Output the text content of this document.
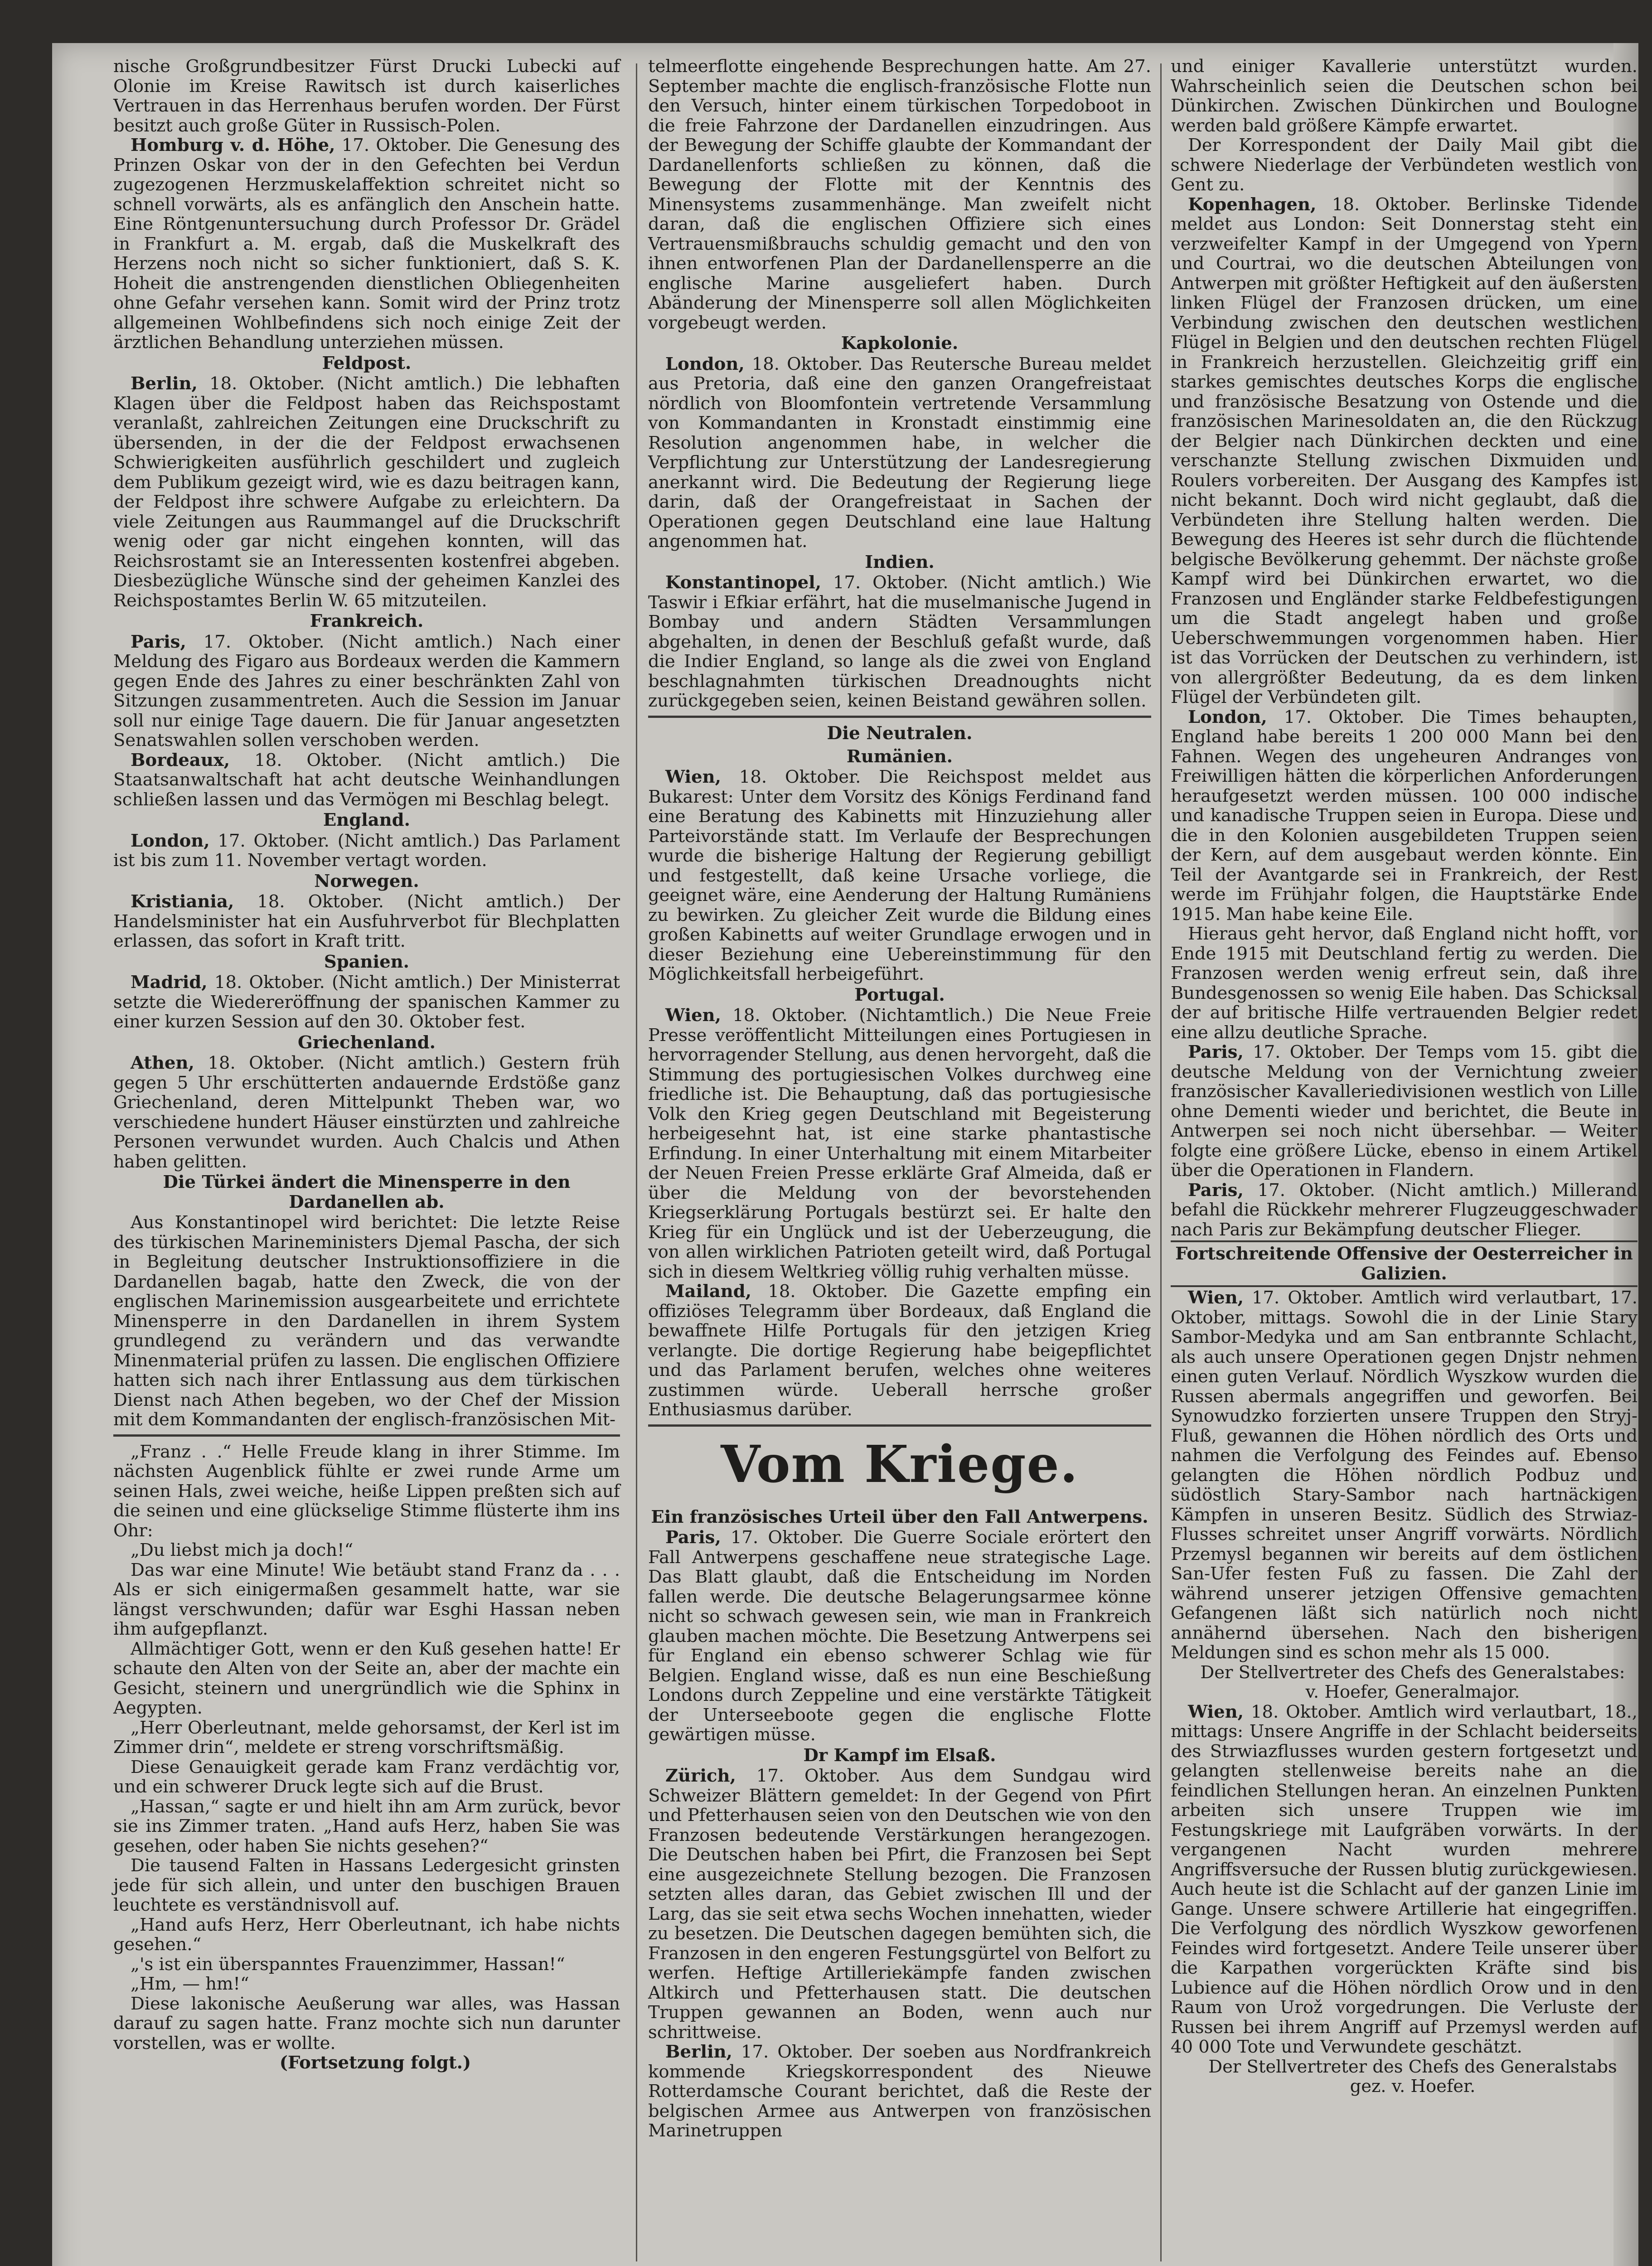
nische Großgrundbesitzer Fürst Drucki Lubecki auf Olonie im Kreise Rawitsch ist durch kaiserliches Vertrauen in das Herrenhaus berufen worden. Der Fürst besitzt auch große Güter in Russisch-Polen.

Homburg v. d. Höhe, 17. Oktober. Die Genesung des Prinzen Oskar von der in den Gefechten bei Verdun zugezogenen Herzmuskelaffektion schreitet nicht so schnell vorwärts, als es anfänglich den Anschein hatte. Eine Röntgenuntersuchung durch Professor Dr. Grädel in Frankfurt a. M. ergab, daß die Muskelkraft des Herzens noch nicht so sicher funktioniert, daß S. K. Hoheit die anstrengenden dienstlichen Obliegenheiten ohne Gefahr versehen kann. Somit wird der Prinz trotz allgemeinen Wohlbefindens sich noch einige Zeit der ärztlichen Behandlung unterziehen müssen.

Feldpost.

Berlin, 18. Oktober. (Nicht amtlich.) Die lebhaften Klagen über die Feldpost haben das Reichspostamt veranlaßt, zahlreichen Zeitungen eine Druckschrift zu übersenden, in der die der Feldpost erwachsenen Schwierigkeiten ausführlich geschildert und zugleich dem Publikum gezeigt wird, wie es dazu beitragen kann, der Feldpost ihre schwere Aufgabe zu erleichtern. Da viele Zeitungen aus Raummangel auf die Druckschrift wenig oder gar nicht eingehen konnten, will das Reichsrostamt sie an Interessenten kostenfrei abgeben. Diesbezügliche Wünsche sind der geheimen Kanzlei des Reichspostamtes Berlin W. 65 mitzuteilen.

Frankreich.

Paris, 17. Oktober. (Nicht amtlich.) Nach einer Meldung des Figaro aus Bordeaux werden die Kammern gegen Ende des Jahres zu einer beschränkten Zahl von Sitzungen zusammentreten. Auch die Session im Januar soll nur einige Tage dauern. Die für Januar angesetzten Senatswahlen sollen verschoben werden.

Bordeaux, 18. Oktober. (Nicht amtlich.) Die Staatsanwaltschaft hat acht deutsche Weinhandlungen schließen lassen und das Vermögen mi Beschlag belegt.

England.

London, 17. Oktober. (Nicht amtlich.) Das Parlament ist bis zum 11. November vertagt worden.

Norwegen.

Kristiania, 18. Oktober. (Nicht amtlich.) Der Handelsminister hat ein Ausfuhrverbot für Blechplatten erlassen, das sofort in Kraft tritt.

Spanien.

Madrid, 18. Oktober. (Nicht amtlich.) Der Ministerrat setzte die Wiedereröffnung der spanischen Kammer zu einer kurzen Session auf den 30. Oktober fest.

Griechenland.

Athen, 18. Oktober. (Nicht amtlich.) Gestern früh gegen 5 Uhr erschütterten andauernde Erdstöße ganz Griechenland, deren Mittelpunkt Theben war, wo verschiedene hundert Häuser einstürzten und zahlreiche Personen verwundet wurden. Auch Chalcis und Athen haben gelitten.

Die Türkei ändert die Minensperre in den Dardanellen ab.

Aus Konstantinopel wird berichtet: Die letzte Reise des türkischen Marineministers Djemal Pascha, der sich in Begleitung deutscher Instruktionsoffiziere in die Dardanellen bagab, hatte den Zweck, die von der englischen Marinemission ausgearbeitete und errichtete Minensperre in den Dardanellen in ihrem System grundlegend zu verändern und das verwandte Minenmaterial prüfen zu lassen. Die englischen Offiziere hatten sich nach ihrer Entlassung aus dem türkischen Dienst nach Athen begeben, wo der Chef der Mission mit dem Kommandanten der englisch-französischen Mit-

„Franz . .“ Helle Freude klang in ihrer Stimme. Im nächsten Augenblick fühlte er zwei runde Arme um seinen Hals, zwei weiche, heiße Lippen preßten sich auf die seinen und eine glückselige Stimme flüsterte ihm ins Ohr:

„Du liebst mich ja doch!“

Das war eine Minute! Wie betäubt stand Franz da . . . Als er sich einigermaßen gesammelt hatte, war sie längst verschwunden; dafür war Esghi Hassan neben ihm aufgepflanzt.

Allmächtiger Gott, wenn er den Kuß gesehen hatte! Er schaute den Alten von der Seite an, aber der machte ein Gesicht, steinern und unergründlich wie die Sphinx in Aegypten.

„Herr Oberleutnant, melde gehorsamst, der Kerl ist im Zimmer drin“, meldete er streng vorschriftsmäßig.

Diese Genauigkeit gerade kam Franz verdächtig vor, und ein schwerer Druck legte sich auf die Brust.

„Hassan,“ sagte er und hielt ihn am Arm zurück, bevor sie ins Zimmer traten. „Hand aufs Herz, haben Sie was gesehen, oder haben Sie nichts gesehen?“

Die tausend Falten in Hassans Ledergesicht grinsten jede für sich allein, und unter den buschigen Brauen leuchtete es verständnisvoll auf.

„Hand aufs Herz, Herr Oberleutnant, ich habe nichts gesehen.“

„'s ist ein überspanntes Frauenzimmer, Hassan!“

„Hm, — hm!“

Diese lakonische Aeußerung war alles, was Hassan darauf zu sagen hatte. Franz mochte sich nun darunter vorstellen, was er wollte.

(Fortsetzung folgt.)

telmeerflotte eingehende Besprechungen hatte. Am 27. September machte die englisch-französische Flotte nun den Versuch, hinter einem türkischen Torpedoboot in die freie Fahrzone der Dardanellen einzudringen. Aus der Bewegung der Schiffe glaubte der Kommandant der Dardanellenforts schließen zu können, daß die Bewegung der Flotte mit der Kenntnis des Minensystems zusammenhänge. Man zweifelt nicht daran, daß die englischen Offiziere sich eines Vertrauensmißbrauchs schuldig gemacht und den von ihnen entworfenen Plan der Dardanellensperre an die englische Marine ausgeliefert haben. Durch Abänderung der Minensperre soll allen Möglichkeiten vorgebeugt werden.

Kapkolonie.

London, 18. Oktober. Das Reutersche Bureau meldet aus Pretoria, daß eine den ganzen Orangefreistaat nördlich von Bloomfontein vertretende Versammlung von Kommandanten in Kronstadt einstimmig eine Resolution angenommen habe, in welcher die Verpflichtung zur Unterstützung der Landesregierung anerkannt wird. Die Bedeutung der Regierung liege darin, daß der Orangefreistaat in Sachen der Operationen gegen Deutschland eine laue Haltung angenommen hat.

Indien.

Konstantinopel, 17. Oktober. (Nicht amtlich.) Wie Taswir i Efkiar erfährt, hat die muselmanische Jugend in Bombay und andern Städten Versammlungen abgehalten, in denen der Beschluß gefaßt wurde, daß die Indier England, so lange als die zwei von England beschlagnahmten türkischen Dreadnoughts nicht zurückgegeben seien, keinen Beistand gewähren sollen.

Die Neutralen.
Rumänien.

Wien, 18. Oktober. Die Reichspost meldet aus Bukarest: Unter dem Vorsitz des Königs Ferdinand fand eine Beratung des Kabinetts mit Hinzuziehung aller Parteivorstände statt. Im Verlaufe der Besprechungen wurde die bisherige Haltung der Regierung gebilligt und festgestellt, daß keine Ursache vorliege, die geeignet wäre, eine Aenderung der Haltung Rumäniens zu bewirken. Zu gleicher Zeit wurde die Bildung eines großen Kabinetts auf weiter Grundlage erwogen und in dieser Beziehung eine Uebereinstimmung für den Möglichkeitsfall herbeigeführt.

Portugal.

Wien, 18. Oktober. (Nichtamtlich.) Die Neue Freie Presse veröffentlicht Mitteilungen eines Portugiesen in hervorragender Stellung, aus denen hervorgeht, daß die Stimmung des portugiesischen Volkes durchweg eine friedliche ist. Die Behauptung, daß das portugiesische Volk den Krieg gegen Deutschland mit Begeisterung herbeigesehnt hat, ist eine starke phantastische Erfindung. In einer Unterhaltung mit einem Mitarbeiter der Neuen Freien Presse erklärte Graf Almeida, daß er über die Meldung von der bevorstehenden Kriegserklärung Portugals bestürzt sei. Er halte den Krieg für ein Unglück und ist der Ueberzeugung, die von allen wirklichen Patrioten geteilt wird, daß Portugal sich in diesem Weltkrieg völlig ruhig verhalten müsse.

Mailand, 18. Oktober. Die Gazette empfing ein offiziöses Telegramm über Bordeaux, daß England die bewaffnete Hilfe Portugals für den jetzigen Krieg verlangte. Die dortige Regierung habe beigepflichtet und das Parlament berufen, welches ohne weiteres zustimmen würde. Ueberall herrsche großer Enthusiasmus darüber.

Vom Kriege.
Ein französisches Urteil über den Fall Antwerpens.

Paris, 17. Oktober. Die Guerre Sociale erörtert den Fall Antwerpens geschaffene neue strategische Lage. Das Blatt glaubt, daß die Entscheidung im Norden fallen werde. Die deutsche Belagerungsarmee könne nicht so schwach gewesen sein, wie man in Frankreich glauben machen möchte. Die Besetzung Antwerpens sei für England ein ebenso schwerer Schlag wie für Belgien. England wisse, daß es nun eine Beschießung Londons durch Zeppeline und eine verstärkte Tätigkeit der Unterseeboote gegen die englische Flotte gewärtigen müsse.

Dr Kampf im Elsaß.

Zürich, 17. Oktober. Aus dem Sundgau wird Schweizer Blättern gemeldet: In der Gegend von Pfirt und Pfetterhausen seien von den Deutschen wie von den Franzosen bedeutende Verstärkungen herangezogen. Die Deutschen haben bei Pfirt, die Franzosen bei Sept eine ausgezeichnete Stellung bezogen. Die Franzosen setzten alles daran, das Gebiet zwischen Ill und der Larg, das sie seit etwa sechs Wochen innehatten, wieder zu besetzen. Die Deutschen dagegen bemühten sich, die Franzosen in den engeren Festungsgürtel von Belfort zu werfen. Heftige Artilleriekämpfe fanden zwischen Altkirch und Pfetterhausen statt. Die deutschen Truppen gewannen an Boden, wenn auch nur schrittweise.

Berlin, 17. Oktober. Der soeben aus Nordfrankreich kommende Kriegskorrespondent des Nieuwe Rotterdamsche Courant berichtet, daß die Reste der belgischen Armee aus Antwerpen von französischen Marinetruppen

und einiger Kavallerie unterstützt wurden. Wahrscheinlich seien die Deutschen schon bei Dünkirchen. Zwischen Dünkirchen und Boulogne werden bald größere Kämpfe erwartet.

Der Korrespondent der Daily Mail gibt die schwere Niederlage der Verbündeten westlich von Gent zu.

Kopenhagen, 18. Oktober. Berlinske Tidende meldet aus London: Seit Donnerstag steht ein verzweifelter Kampf in der Umgegend von Ypern und Courtrai, wo die deutschen Abteilungen von Antwerpen mit größter Heftigkeit auf den äußersten linken Flügel der Franzosen drücken, um eine Verbindung zwischen den deutschen westlichen Flügel in Belgien und den deutschen rechten Flügel in Frankreich herzustellen. Gleichzeitig griff ein starkes gemischtes deutsches Korps die englische und französische Besatzung von Ostende und die französischen Marinesoldaten an, die den Rückzug der Belgier nach Dünkirchen deckten und eine verschanzte Stellung zwischen Dixmuiden und Roulers vorbereiten. Der Ausgang des Kampfes ist nicht bekannt. Doch wird nicht geglaubt, daß die Verbündeten ihre Stellung halten werden. Die Bewegung des Heeres ist sehr durch die flüchtende belgische Bevölkerung gehemmt. Der nächste große Kampf wird bei Dünkirchen erwartet, wo die Franzosen und Engländer starke Feldbefestigungen um die Stadt angelegt haben und große Ueberschwemmungen vorgenommen haben. Hier ist das Vorrücken der Deutschen zu verhindern, ist von allergrößter Bedeutung, da es dem linken Flügel der Verbündeten gilt.

London, 17. Oktober. Die Times behaupten, England habe bereits 1 200 000 Mann bei den Fahnen. Wegen des ungeheuren Andranges von Freiwilligen hätten die körperlichen Anforderungen heraufgesetzt werden müssen. 100 000 indische und kanadische Truppen seien in Europa. Diese und die in den Kolonien ausgebildeten Truppen seien der Kern, auf dem ausgebaut werden könnte. Ein Teil der Avantgarde sei in Frankreich, der Rest werde im Frühjahr folgen, die Hauptstärke Ende 1915. Man habe keine Eile.

Hieraus geht hervor, daß England nicht hofft, vor Ende 1915 mit Deutschland fertig zu werden. Die Franzosen werden wenig erfreut sein, daß ihre Bundesgenossen so wenig Eile haben. Das Schicksal der auf britische Hilfe vertrauenden Belgier redet eine allzu deutliche Sprache.

Paris, 17. Oktober. Der Temps vom 15. gibt die deutsche Meldung von der Vernichtung zweier französischer Kavalleriedivisionen westlich von Lille ohne Dementi wieder und berichtet, die Beute in Antwerpen sei noch nicht übersehbar. — Weiter folgte eine größere Lücke, ebenso in einem Artikel über die Operationen in Flandern.

Paris, 17. Oktober. (Nicht amtlich.) Millerand befahl die Rückkehr mehrerer Flugzeuggeschwader nach Paris zur Bekämpfung deutscher Flieger.

Fortschreitende Offensive der Oesterreicher in Galizien.

Wien, 17. Oktober. Amtlich wird verlautbart, 17. Oktober, mittags. Sowohl die in der Linie Stary Sambor-Medyka und am San entbrannte Schlacht, als auch unsere Operationen gegen Dnjstr nehmen einen guten Verlauf. Nördlich Wyszkow wurden die Russen abermals angegriffen und geworfen. Bei Synowudzko forzierten unsere Truppen den Stryj-Fluß, gewannen die Höhen nördlich des Orts und nahmen die Verfolgung des Feindes auf. Ebenso gelangten die Höhen nördlich Podbuz und südöstlich Stary-Sambor nach hartnäckigen Kämpfen in unseren Besitz. Südlich des Strwiaz-Flusses schreitet unser Angriff vorwärts. Nördlich Przemysl begannen wir bereits auf dem östlichen San-Ufer festen Fuß zu fassen. Die Zahl der während unserer jetzigen Offensive gemachten Gefangenen läßt sich natürlich noch nicht annähernd übersehen. Nach den bisherigen Meldungen sind es schon mehr als 15 000.

Der Stellvertreter des Chefs des Generalstabes:

v. Hoefer, Generalmajor.

Wien, 18. Oktober. Amtlich wird verlautbart, 18., mittags: Unsere Angriffe in der Schlacht beiderseits des Strwiazflusses wurden gestern fortgesetzt und gelangten stellenweise bereits nahe an die feindlichen Stellungen heran. An einzelnen Punkten arbeiten sich unsere Truppen wie im Festungskriege mit Laufgräben vorwärts. In der vergangenen Nacht wurden mehrere Angriffsversuche der Russen blutig zurückgewiesen. Auch heute ist die Schlacht auf der ganzen Linie im Gange. Unsere schwere Artillerie hat eingegriffen. Die Verfolgung des nördlich Wyszkow geworfenen Feindes wird fortgesetzt. Andere Teile unserer über die Karpathen vorgerückten Kräfte sind bis Lubience auf die Höhen nördlich Orow und in den Raum von Urož vorgedrungen. Die Verluste der Russen bei ihrem Angriff auf Przemysl werden auf 40 000 Tote und Verwundete geschätzt.

Der Stellvertreter des Chefs des Generalstabs

gez. v. Hoefer.
